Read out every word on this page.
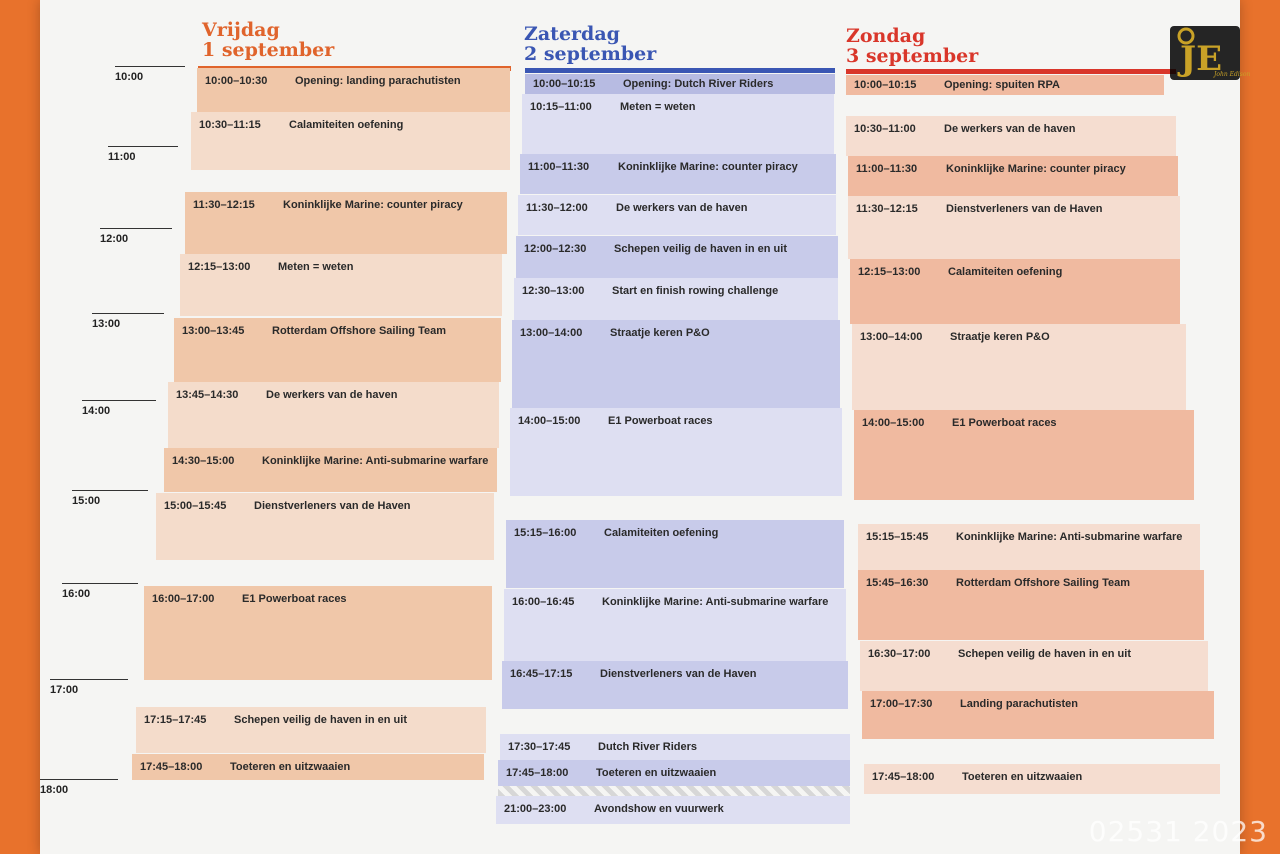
Vrijdag
1 september
Zaterdag
2 september
Zondag
3 september
10:00
11:00
12:00
13:00
14:00
15:00
16:00
17:00
18:00
10:00–10:30	Opening: landing parachutisten
10:30–11:15	Calamiteiten oefening
11:30–12:15	Koninklijke Marine: counter piracy
12:15–13:00	Meten = weten
13:00–13:45	Rotterdam Offshore Sailing Team
13:45–14:30	De werkers van de haven
14:30–15:00	Koninklijke Marine: Anti-submarine warfare
15:00–15:45	Dienstverleners van de Haven
16:00–17:00	E1 Powerboat races
17:15–17:45	Schepen veilig de haven in en uit
17:45–18:00	Toeteren en uitzwaaien
10:00–10:15	Opening: Dutch River Riders
10:15–11:00	Meten = weten
11:00–11:30	Koninklijke Marine: counter piracy
11:30–12:00	De werkers van de haven
12:00–12:30	Schepen veilig de haven in en uit
12:30–13:00	Start en finish rowing challenge
13:00–14:00	Straatje keren P&O
14:00–15:00	E1 Powerboat races
15:15–16:00	Calamiteiten oefening
16:00–16:45	Koninklijke Marine: Anti-submarine warfare
16:45–17:15	Dienstverleners van de Haven
17:30–17:45	Dutch River Riders
17:45–18:00	Toeteren en uitzwaaien
21:00–23:00	Avondshow en vuurwerk
10:00–10:15	Opening: spuiten RPA
10:30–11:00	De werkers van de haven
11:00–11:30	Koninklijke Marine: counter piracy
11:30–12:15	Dienstverleners van de Haven
12:15–13:00	Calamiteiten oefening
13:00–14:00	Straatje keren P&O
14:00–15:00	E1 Powerboat races
15:15–15:45	Koninklijke Marine: Anti-submarine warfare
15:45–16:30	Rotterdam Offshore Sailing Team
16:30–17:00	Schepen veilig de haven in en uit
17:00–17:30	Landing parachutisten
17:45–18:00	Toeteren en uitzwaaien
JE
John Edison
02531 2023
